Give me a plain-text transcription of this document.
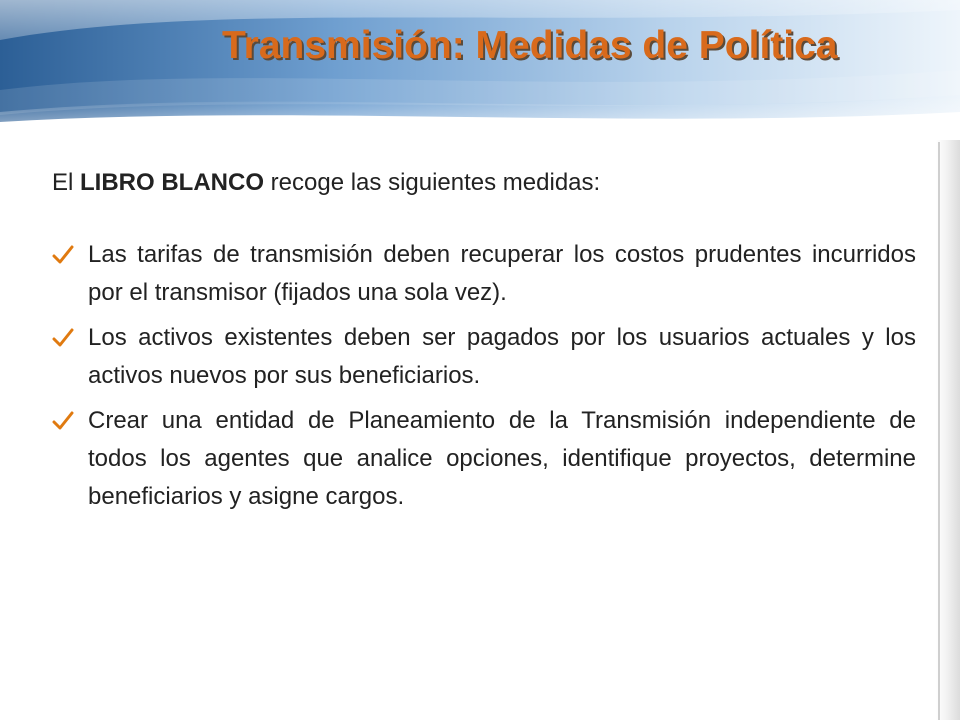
Transmisión: Medidas de Política

El LIBRO BLANCO recoge las siguientes medidas:

Las tarifas de transmisión deben recuperar los costos prudentes incurridos por el transmisor (fijados una sola vez).

Los activos existentes deben ser pagados por los usuarios actuales y los activos nuevos por sus beneficiarios.

Crear una entidad de Planeamiento de la Transmisión independiente de todos los agentes que analice opciones, identifique proyectos, determine beneficiarios y asigne cargos.
